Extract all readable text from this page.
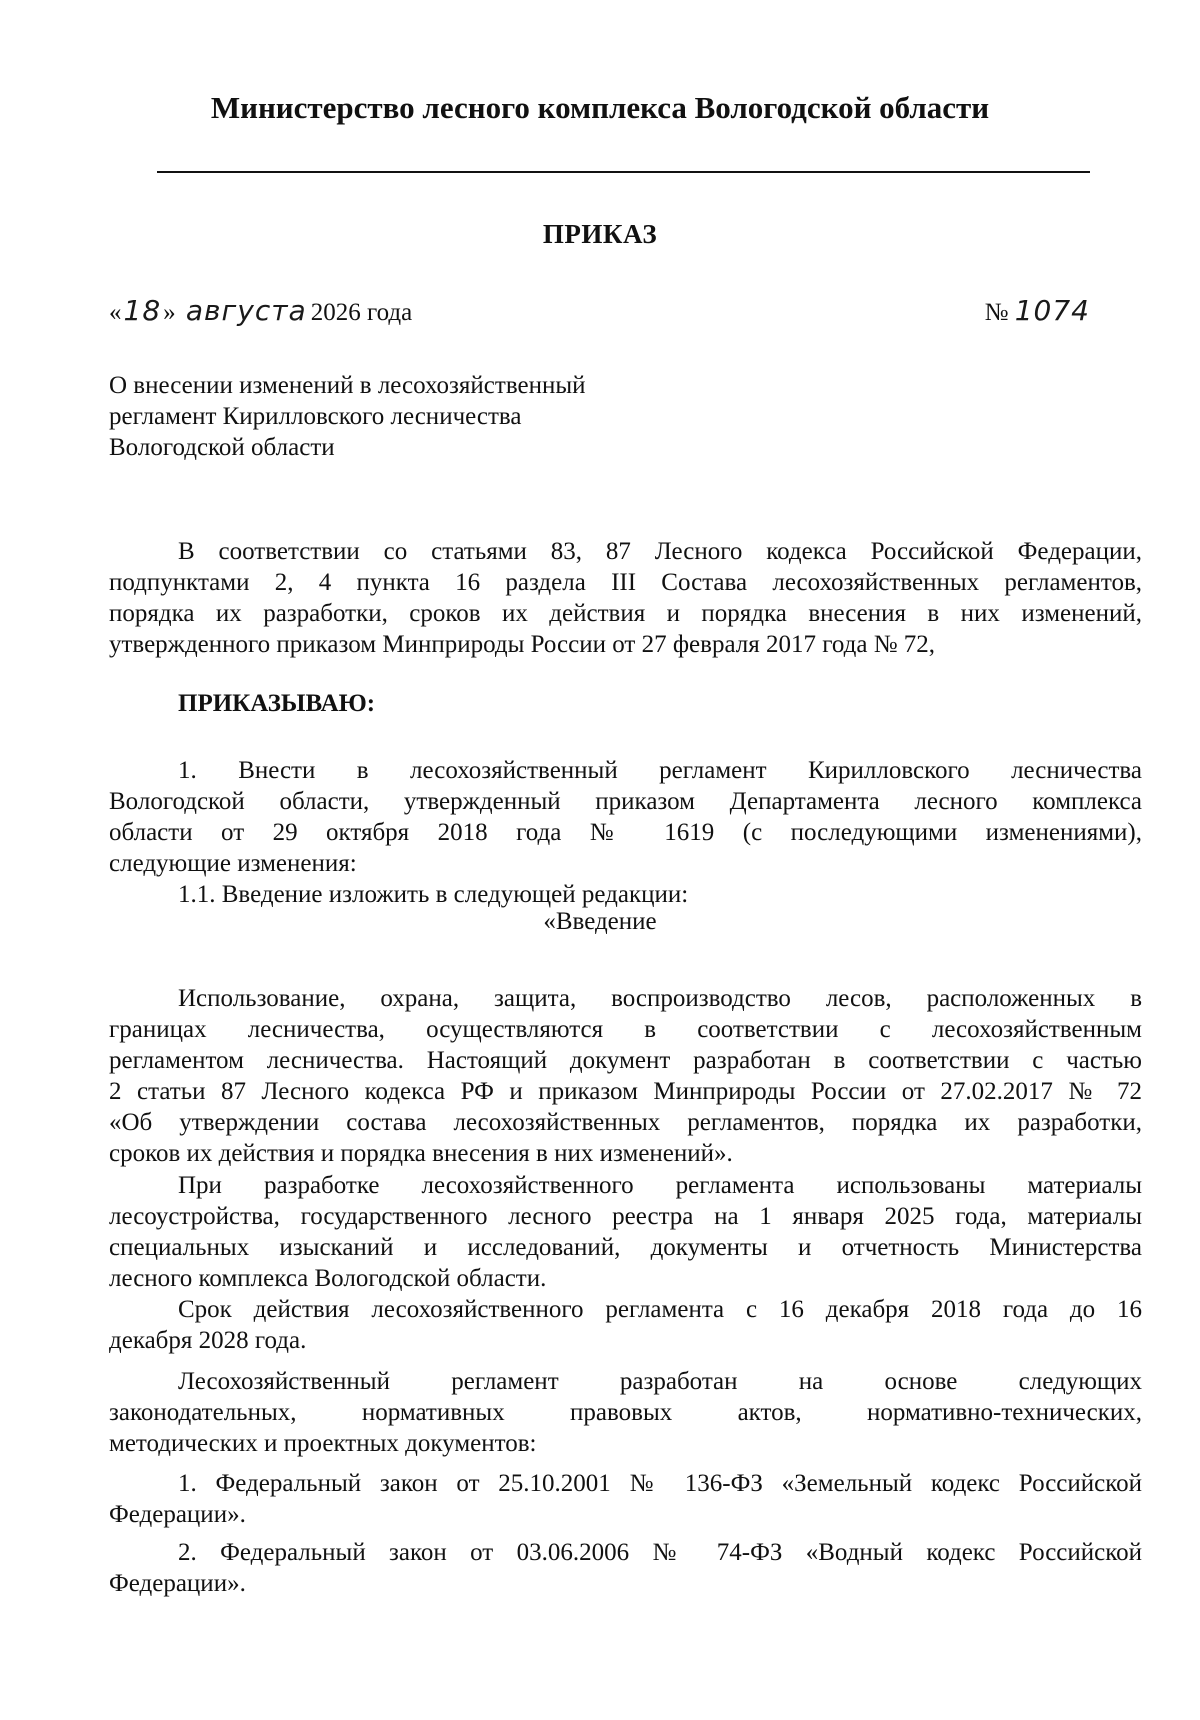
Министерство лесного комплекса Вологодской области
ПРИКАЗ
«18» августа 2026 года	№ 1074
О внесении изменений в лесохозяйственный
регламент Кирилловского лесничества
Вологодской области
В соответствии со статьями 83, 87 Лесного кодекса Российской Федерации,
подпунктами 2, 4 пункта 16 раздела III Состава лесохозяйственных регламентов,
порядка их разработки, сроков их действия и порядка внесения в них изменений,
утвержденного приказом Минприроды России от 27 февраля 2017 года № 72,
ПРИКАЗЫВАЮ:
1. Внести в лесохозяйственный регламент Кирилловского лесничества
Вологодской области, утвержденный приказом Департамента лесного комплекса
области от 29 октября 2018 года № 1619 (с последующими изменениями),
следующие изменения:
1.1. Введение изложить в следующей редакции:
«Введение
Использование, охрана, защита, воспроизводство лесов, расположенных в
границах лесничества, осуществляются в соответствии с лесохозяйственным
регламентом лесничества. Настоящий документ разработан в соответствии с частью
2 статьи 87 Лесного кодекса РФ и приказом Минприроды России от 27.02.2017 № 72
«Об утверждении состава лесохозяйственных регламентов, порядка их разработки,
сроков их действия и порядка внесения в них изменений».
При разработке лесохозяйственного регламента использованы материалы
лесоустройства, государственного лесного реестра на 1 января 2025 года, материалы
специальных изысканий и исследований, документы и отчетность Министерства
лесного комплекса Вологодской области.
Срок действия лесохозяйственного регламента с 16 декабря 2018 года до 16
декабря 2028 года.
Лесохозяйственный регламент разработан на основе следующих
законодательных, нормативных правовых актов, нормативно-технических,
методических и проектных документов:
1. Федеральный закон от 25.10.2001 № 136-ФЗ «Земельный кодекс Российской
Федерации».
2. Федеральный закон от 03.06.2006 № 74-ФЗ «Водный кодекс Российской
Федерации».
